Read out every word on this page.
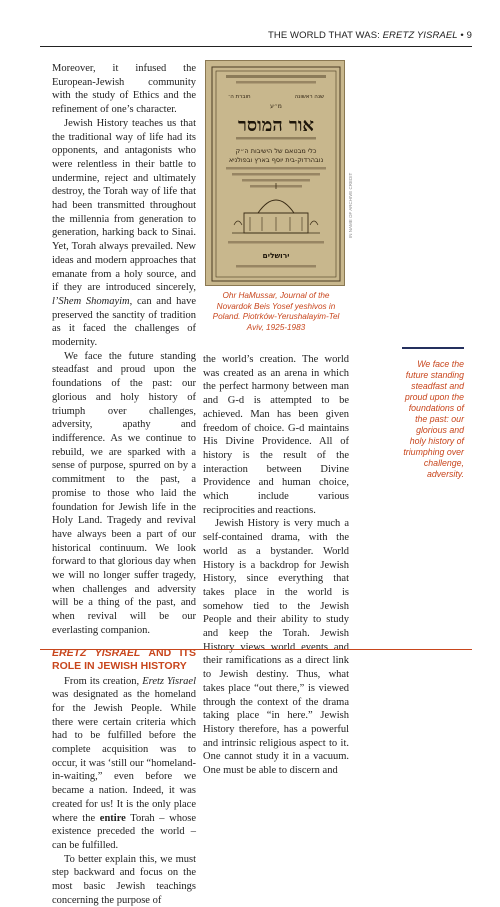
THE WORLD THAT WAS: ERETZ YISRAEL • 9

Moreover, it infused the European-Jewish community with the study of Ethics and the refinement of one’s character.

Jewish History teaches us that the traditional way of life had its opponents, and antagonists who were relentless in their battle to undermine, reject and ultimately destroy, the Torah way of life that had been transmitted throughout the millennia from generation to generation, harking back to Sinai. Yet, Torah always prevailed. New ideas and modern approaches that emanate from a holy source, and if they are introduced sincerely, l’Shem Shomayim, can and have preserved the sanctity of tradition as it faced the challenges of modernity.

We face the future standing steadfast and proud upon the foundations of the past: our glorious and holy history of triumph over challenges, adversity, apathy and indifference. As we continue to rebuild, we are sparked with a sense of purpose, spurred on by a commitment to the past, a promise to those who laid the foundation for Jewish life in the Holy Land. Tragedy and revival have always been a part of our historical continuum. We look forward to that glorious day when we will no longer suffer tragedy, when challenges and adversity will be a thing of the past, and when revival will be our everlasting companion.

ERETZ YISRAEL AND ITS ROLE IN JEWISH HISTORY

From its creation, Eretz Yisrael was designated as the homeland for the Jewish People. While there were certain criteria which had to be fulfilled before the complete acquisition was to occur, it was ‘still our “homeland-in-waiting,” even before we became a nation. Indeed, it was created for us! It is the only place where the entire Torah – whose existence preceded the world – can be fulfilled.

To better explain this, we must step backward and focus on the most basic Jewish teachings concerning the purpose of

שנה ראשונה
חוברת ה׳
מ״ע
אור המוסר
כלי מבטאם של הישיבות ה״ק
נובהרדוק-בית יוסף בארץ ובפולניא
ירושלים
IN NAME OF ARCHIVE CREDIT
Ohr HaMussar, Journal of the Novardok Beis Yosef yeshivos in Poland. Piotrków-Yerushalayim-Tel Aviv, 1925-1983

the world’s creation. The world was created as an arena in which the perfect harmony between man and G-d is attempted to be achieved. Man has been given freedom of choice. G-d maintains His Divine Providence. All of history is the result of the interaction between Divine Providence and human choice, which include various reciprocities and reactions.

Jewish History is very much a self-contained drama, with the world as a bystander. World History is a backdrop for Jewish History, since everything that takes place in the world is somehow tied to the Jewish People and their ability to study and keep the Torah. Jewish History views world events and their ramifications as a direct link to Jewish destiny. Thus, what takes place “out there,” is viewed through the context of the drama taking place “in here.” Jewish History therefore, has a powerful and intrinsic religious aspect to it. One cannot study it in a vacuum. One must be able to discern and

We face the future standing steadfast and proud upon the foundations of the past: our glorious and holy history of triumphing over challenge, adversity.
